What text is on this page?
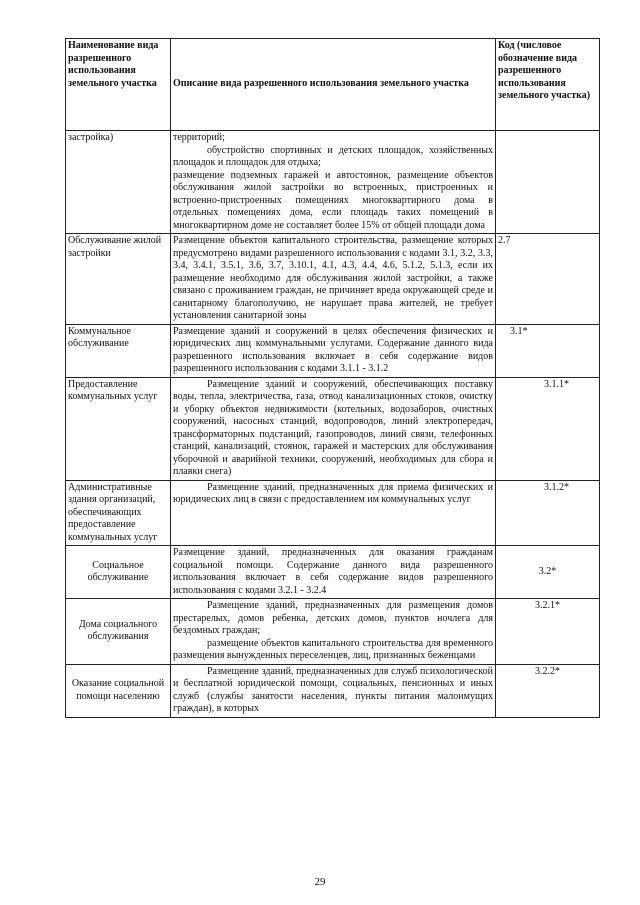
Наименование вида разрешенного использования земельного участка	Описание вида разрешенного использования земельного участка	Код (числовое обозначение вида разрешенного использования земельного участка)
застройка)	территорий;

обустройство спортивных и детских площадок, хозяйственных площадок и площадок для отдыха;

размещение подземных гаражей и автостоянок, размещение объектов обслуживания жилой застройки во встроенных, пристроенных и встроенно-пристроенных помещениях многоквартирного дома в отдельных помещениях дома, если площадь таких помещений в многоквартирном доме не составляет более 15% от общей площади дома	

Обслуживание жилой застройки	Размещение объектов капитального строительства, размещение которых предусмотрено видами разрешенного использования с кодами 3.1, 3.2, 3.3, 3.4, 3.4.1, 3.5.1, 3.6, 3.7, 3.10.1, 4.1, 4.3, 4.4, 4.6, 5.1.2, 5.1.3, если их размещение необходимо для обслуживания жилой застройки, а также связано с проживанием граждан, не причиняет вреда окружающей среде и санитарному благополучию, не нарушает права жителей, не требует установления санитарной зоны	2.7
Коммунальное обслуживание	Размещение зданий и сооружений в целях обеспечения физических и юридических лиц коммунальными услугами. Содержание данного вида разрешенного использования включает в себя содержание видов разрешенного использования с кодами 3.1.1 - 3.1.2	3.1*
Предоставление коммунальных услуг	Размещение зданий и сооружений, обеспечивающих поставку воды, тепла, электричества, газа, отвод канализационных стоков, очистку и уборку объектов недвижимости (котельных, водозаборов, очистных сооружений, насосных станций, водопроводов, линий электропередач, трансформаторных подстанций, газопроводов, линий связи, телефонных станций, канализаций, стоянок, гаражей и мастерских для обслуживания уборочной и аварийной техники, сооружений, необходимых для сбора и плавки снега)	3.1.1*
Административные здания организаций, обеспечивающих предоставление коммунальных услуг	Размещение зданий, предназначенных для приема физических и юридических лиц в связи с предоставлением им коммунальных услуг	3.1.2*
Социальное обслуживание	Размещение зданий, предназначенных для оказания гражданам социальной помощи. Содержание данного вида разрешенного использования включает в себя содержание видов разрешенного использования с кодами 3.2.1 - 3.2.4	3.2*
Дома социального обслуживания	Размещение зданий, предназначенных для размещения домов престарелых, домов ребенка, детских домов, пунктов ночлега для бездомных граждан;

размещение объектов капитального строительства для временного размещения вынужденных переселенцев, лиц, признанных беженцами	3.2.1*
Оказание социальной помощи населению	Размещение зданий, предназначенных для служб психологической и бесплатной юридической помощи, социальных, пенсионных и иных служб (службы занятости населения, пункты питания малоимущих граждан), в которых	3.2.2*
29
